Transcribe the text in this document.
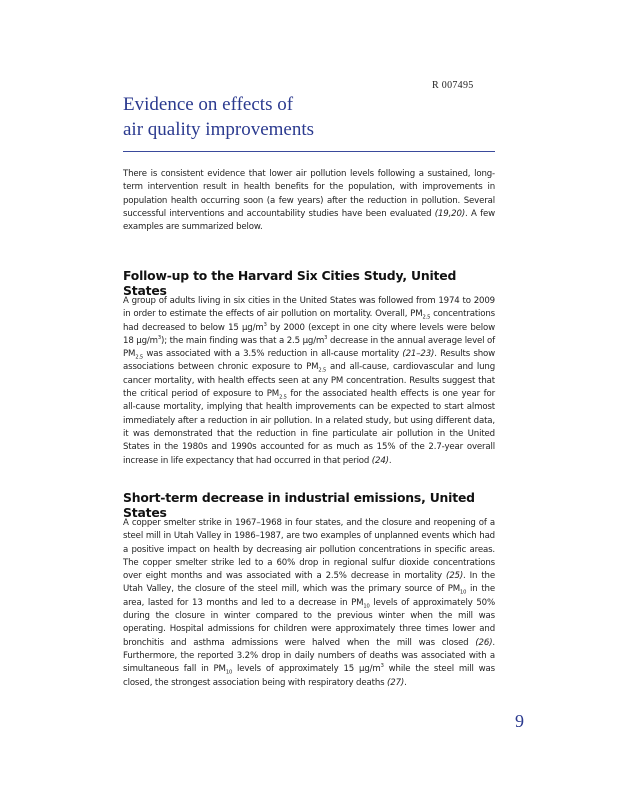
R 007495
Evidence on effects of
air quality improvements

There is consistent evidence that lower air pollution levels following a sustained, long-term intervention result in health benefits for the population, with improvements in population health occurring soon (a few years) after the reduction in pollution. Several successful interventions and accountability studies have been evaluated (19,20). A few examples are summarized below.

Follow-up to the Harvard Six Cities Study, United States

A group of adults living in six cities in the United States was followed from 1974 to 2009 in order to estimate the effects of air pollution on mortality. Overall, $PM_{2.5}$ concentrations had decreased to below 15 $\mu g/m^3$ by 2000 (except in one city where levels were below 18 $\mu g/m^3$); the main finding was that a 2.5 $\mu g/m^3$ decrease in the annual average level of $PM_{2.5}$ was associated with a 3.5% reduction in all-cause mortality (21–23). Results show associations between chronic exposure to $PM_{2.5}$ and all-cause, cardiovascular and lung cancer mortality, with health effects seen at any PM concentration. Results suggest that the critical period of exposure to $PM_{2.5}$ for the associated health effects is one year for all-cause mortality, implying that health improvements can be expected to start almost immediately after a reduction in air pollution. In a related study, but using different data, it was demonstrated that the reduction in fine particulate air pollution in the United States in the 1980s and 1990s accounted for as much as 15% of the 2.7-year overall increase in life expectancy that had occurred in that period (24).

Short-term decrease in industrial emissions, United States

A copper smelter strike in 1967–1968 in four states, and the closure and reopening of a steel mill in Utah Valley in 1986–1987, are two examples of unplanned events which had a positive impact on health by decreasing air pollution concentrations in specific areas. The copper smelter strike led to a 60% drop in regional sulfur dioxide concentrations over eight months and was associated with a 2.5% decrease in mortality (25). In the Utah Valley, the closure of the steel mill, which was the primary source of $PM_{10}$ in the area, lasted for 13 months and led to a decrease in $PM_{10}$ levels of approximately 50% during the closure in winter compared to the previous winter when the mill was operating. Hospital admissions for children were approximately three times lower and bronchitis and asthma admissions were halved when the mill was closed (26). Furthermore, the reported 3.2% drop in daily numbers of deaths was associated with a simultaneous fall in $PM_{10}$ levels of approximately 15 $\mu g/m^3$ while the steel mill was closed, the strongest association being with respiratory deaths (27).

9
